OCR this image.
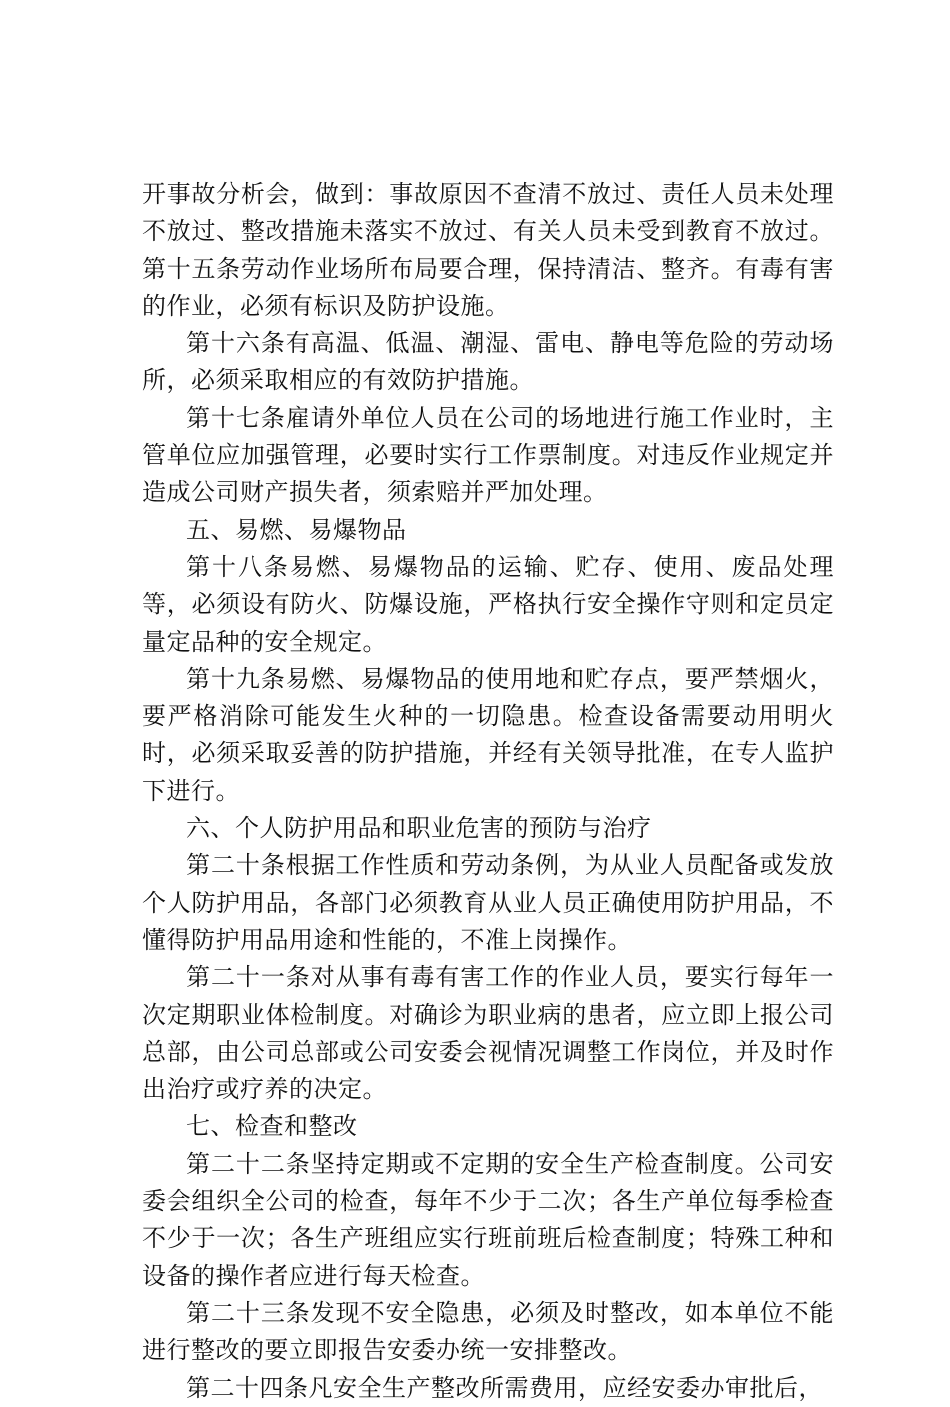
开事故分析会，做到：事故原因不查清不放过、责任人员未处理不放过、整改措施未落实不放过、有关人员未受到教育不放过。第十五条劳动作业场所布局要合理，保持清洁、整齐。有毒有害的作业，必须有标识及防护设施。

第十六条有高温、低温、潮湿、雷电、静电等危险的劳动场所，必须采取相应的有效防护措施。

第十七条雇请外单位人员在公司的场地进行施工作业时，主管单位应加强管理，必要时实行工作票制度。对违反作业规定并造成公司财产损失者，须索赔并严加处理。

五、易燃、易爆物品

第十八条易燃、易爆物品的运输、贮存、使用、废品处理等，必须设有防火、防爆设施，严格执行安全操作守则和定员定量定品种的安全规定。

第十九条易燃、易爆物品的使用地和贮存点，要严禁烟火，要严格消除可能发生火种的一切隐患。检查设备需要动用明火时，必须采取妥善的防护措施，并经有关领导批准，在专人监护下进行。

六、个人防护用品和职业危害的预防与治疗

第二十条根据工作性质和劳动条例，为从业人员配备或发放个人防护用品，各部门必须教育从业人员正确使用防护用品，不懂得防护用品用途和性能的，不准上岗操作。

第二十一条对从事有毒有害工作的作业人员，要实行每年一次定期职业体检制度。对确诊为职业病的患者，应立即上报公司总部，由公司总部或公司安委会视情况调整工作岗位，并及时作出治疗或疗养的决定。

七、检查和整改

第二十二条坚持定期或不定期的安全生产检查制度。公司安委会组织全公司的检查，每年不少于二次；各生产单位每季检查不少于一次；各生产班组应实行班前班后检查制度；特殊工种和设备的操作者应进行每天检查。

第二十三条发现不安全隐患，必须及时整改，如本单位不能进行整改的要立即报告安委办统一安排整改。

第二十四条凡安全生产整改所需费用，应经安委办审批后，
